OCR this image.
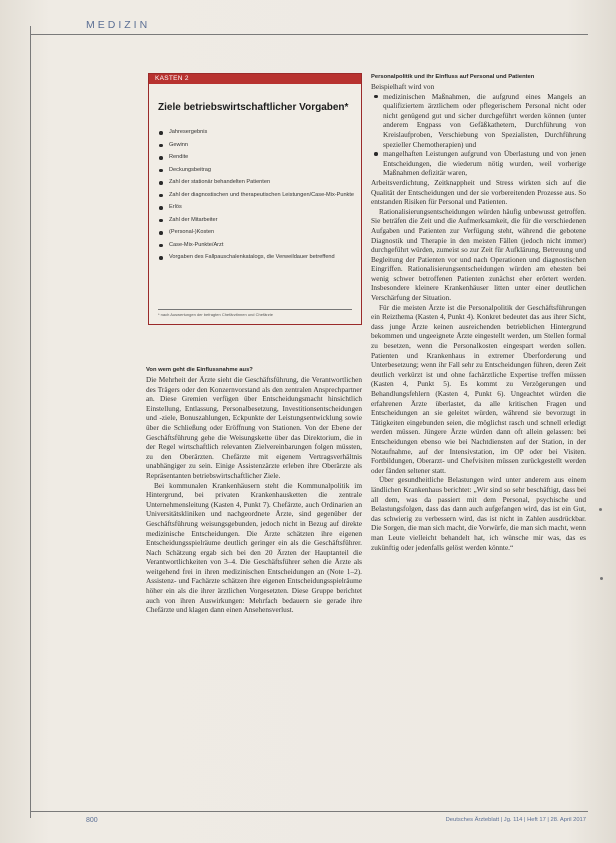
MEDIZIN
KASTEN 2
Ziele betriebswirtschaftlicher Vorgaben*
Jahresergebnis
Gewinn
Rendite
Deckungsbeitrag
Zahl der stationär behandelten Patienten
Zahl der diagnostischen und therapeutischen Leistungen/Case-Mix-Punkte
Erlös
Zahl der Mitarbeiter
(Personal-)Kosten
Case-Mix-Punkte/Arzt
Vorgaben des Fallpauschalenkatalogs, die Verweildauer betreffend
* nach Auswertungen der befragten Chefärztinnen und Chefärzte
Von wem geht die Einflussnahme aus?

Die Mehrheit der Ärzte sieht die Geschäftsführung, die Verantwortlichen des Trägers oder den Konzernvorstand als den zentralen Ansprechpartner an. Diese Gremien verfügen über Entscheidungsmacht hinsichtlich Einstellung, Entlassung, Personalbesetzung, Investitionsentscheidungen und -ziele, Bonuszahlungen, Eckpunkte der Leistungsentwicklung sowie über die Schließung oder Eröffnung von Stationen. Von der Ebene der Geschäftsführung gehe die Weisungskette über das Direktorium, die in der Regel wirtschaftlich relevanten Zielvereinbarungen folgen müssten, zu den Oberärzten. Chefärzte mit eigenem Vertragsverhältnis unabhängiger zu sein. Einige Assistenzärzte erleben ihre Oberärzte als Repräsentanten betriebswirtschaftlicher Ziele.

Bei kommunalen Krankenhäusern steht die Kommunalpolitik im Hintergrund, bei privaten Krankenhausketten die zentrale Unternehmensleitung (Kasten 4, Punkt 7). Chefärzte, auch Ordinarien an Universitätskliniken und nachgeordnete Ärzte, sind gegenüber der Geschäftsführung weisungsgebunden, jedoch nicht in Bezug auf direkte medizinische Entscheidungen. Die Ärzte schätzten ihre eigenen Entscheidungsspielräume deutlich geringer ein als die Geschäftsführer. Nach Schätzung ergab sich bei den 20 Ärzten der Hauptanteil die Verantwortlichkeiten von 3–4. Die Geschäftsführer sehen die Ärzte als weitgehend frei in ihren medizinischen Entscheidungen an (Note 1–2). Assistenz- und Fachärzte schätzen ihre eigenen Entscheidungsspielräume höher ein als die ihrer ärztlichen Vorgesetzten. Diese Gruppe berichtet auch von ihren Auswirkungen: Mehrfach bedauern sie gerade ihre Chefärzte und klagen dann einen Ansehensverlust.

Personalpolitik und ihr Einfluss auf Personal und Patienten

Beispielhaft wird von

medizinischen Maßnahmen, die aufgrund eines Mangels an qualifiziertem ärztlichem oder pflegerischem Personal nicht oder nicht genügend gut und sicher durchgeführt werden können (unter anderem Engpass von Gefäßkathetern, Durchführung von Kreislaufproben, Verschiebung von Spezialisten, Durchführung spezieller Chemotherapien) und
mangelhaften Leistungen aufgrund von Überlastung und von jenen Entscheidungen, die wiederum nötig wurden, weil vorherige Maßnahmen defizitär waren,

Arbeitsverdichtung, Zeitknappheit und Stress wirkten sich auf die Qualität der Entscheidungen und der sie vorbereitenden Prozesse aus. So entstanden Risiken für Personal und Patienten.

Rationalisierungsentscheidungen würden häufig unbewusst getroffen. Sie beträfen die Zeit und die Aufmerksamkeit, die für die verschiedenen Aufgaben und Patienten zur Verfügung steht, während die gebotene Diagnostik und Therapie in den meisten Fällen (jedoch nicht immer) durchgeführt würden, zumeist so zur Zeit für Aufklärung, Betreuung und Begleitung der Patienten vor und nach Operationen und diagnostischen Eingriffen. Rationalisierungsentscheidungen würden am ehesten bei wenig schwer betroffenen Patienten zunächst eher erörtert werden. Insbesondere kleinere Krankenhäuser litten unter einer deutlichen Verschärfung der Situation.

Für die meisten Ärzte ist die Personalpolitik der Geschäftsführungen ein Reizthema (Kasten 4, Punkt 4). Konkret bedeutet das aus ihrer Sicht, dass junge Ärzte keinen ausreichenden betrieblichen Hintergrund bekommen und ungeeignete Ärzte eingestellt werden, um Stellen formal zu besetzen, wenn die Personalkosten eingespart werden sollen. Patienten und Krankenhaus in extremer Überforderung und Unterbesetzung; wenn ihr Fall sehr zu Entscheidungen führen, deren Zeit deutlich verkürzt ist und ohne fachärztliche Expertise treffen müssen (Kasten 4, Punkt 5). Es kommt zu Verzögerungen und Behandlungsfehlern (Kasten 4, Punkt 6). Ungeachtet würden die erfahrenen Ärzte überlastet, da alle kritischen Fragen und Entscheidungen an sie geleitet würden, während sie bevorzugt in Tätigkeiten eingebunden seien, die möglichst rasch und schnell erledigt werden müssen. Jüngere Ärzte würden dann oft allein gelassen: bei Entscheidungen ebenso wie bei Nachtdiensten auf der Station, in der Notaufnahme, auf der Intensivstation, im OP oder bei Visiten. Fortbildungen, Oberarzt- und Chefvisiten müssen zurückgestellt werden oder fänden seltener statt.

Über gesundheitliche Belastungen wird unter anderem aus einem ländlichen Krankenhaus berichtet: „Wir sind so sehr beschäftigt, dass bei all dem, was da passiert mit dem Personal, psychische und Belastungsfolgen, dass das dann auch aufgefangen wird, das ist ein Gut, das schwierig zu verbessern wird, das ist nicht in Zahlen ausdrückbar. Die Sorgen, die man sich macht, die Vorwürfe, die man sich macht, wenn man Leute vielleicht behandelt hat, ich wünsche mir was, das es zukünftig oder jedenfalls gelöst werden könnte.“

800	Deutsches Ärzteblatt | Jg. 114 | Heft 17 | 28. April 2017
